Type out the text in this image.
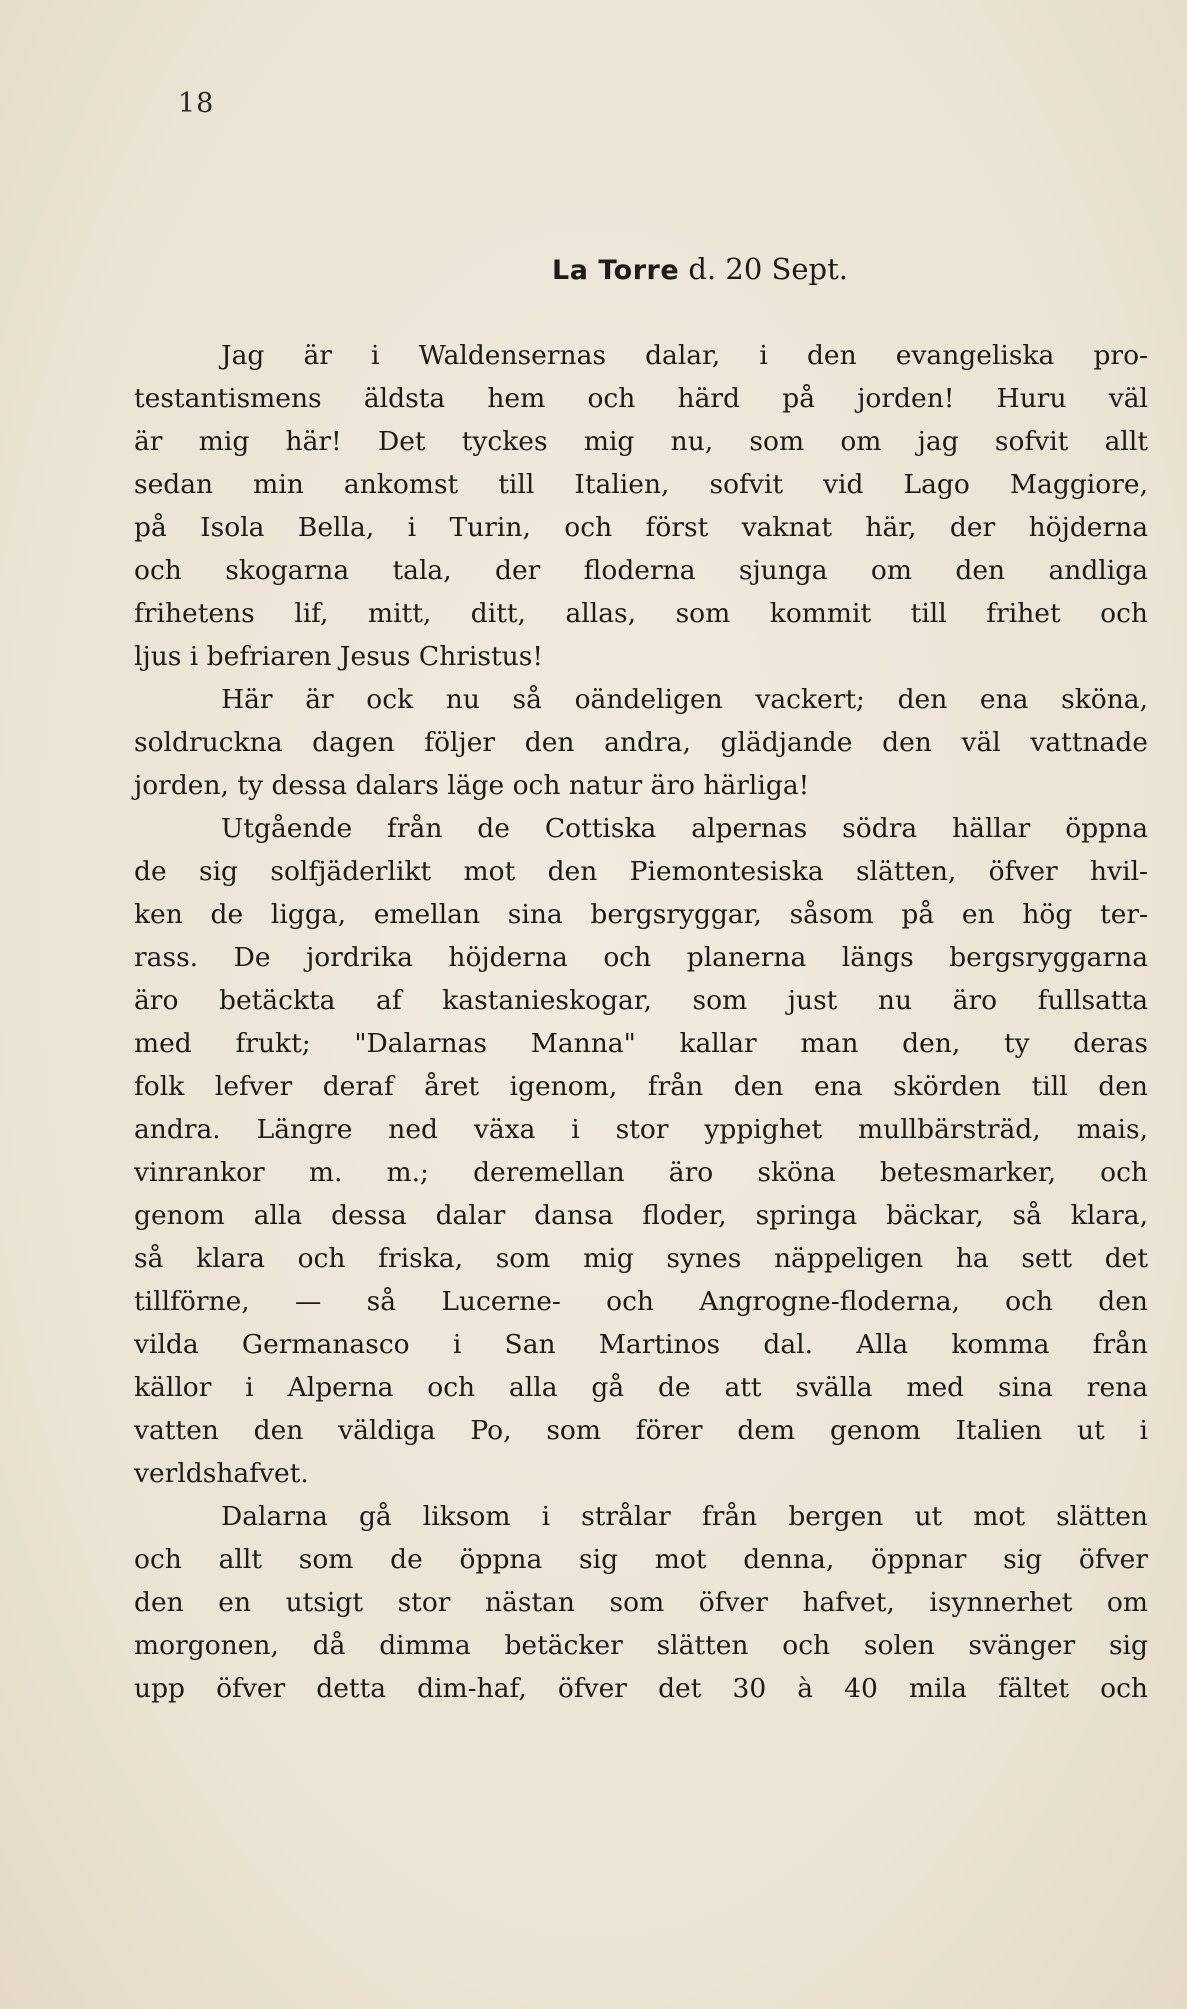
18
La Torre d. 20 Sept.
Jag är i Waldensernas dalar, i den evangeliska pro-
testantismens äldsta hem och härd på jorden! Huru väl
är mig här! Det tyckes mig nu, som om jag sofvit allt
sedan min ankomst till Italien, sofvit vid Lago Maggiore,
på Isola Bella, i Turin, och först vaknat här, der höjderna
och skogarna tala, der floderna sjunga om den andliga
frihetens lif, mitt, ditt, allas, som kommit till frihet och
ljus i befriaren Jesus Christus!
Här är ock nu så oändeligen vackert; den ena sköna,
soldruckna dagen följer den andra, glädjande den väl vattnade
jorden, ty dessa dalars läge och natur äro härliga!
Utgående från de Cottiska alpernas södra hällar öppna
de sig solfjäderlikt mot den Piemontesiska slätten, öfver hvil-
ken de ligga, emellan sina bergsryggar, såsom på en hög ter-
rass. De jordrika höjderna och planerna längs bergsryggarna
äro betäckta af kastanieskogar, som just nu äro fullsatta
med frukt; "Dalarnas Manna" kallar man den, ty deras
folk lefver deraf året igenom, från den ena skörden till den
andra. Längre ned växa i stor yppighet mullbärsträd, mais,
vinrankor m. m.; deremellan äro sköna betesmarker, och
genom alla dessa dalar dansa floder, springa bäckar, så klara,
så klara och friska, som mig synes näppeligen ha sett det
tillförne, — så Lucerne- och Angrogne-floderna, och den
vilda Germanasco i San Martinos dal. Alla komma från
källor i Alperna och alla gå de att svälla med sina rena
vatten den väldiga Po, som förer dem genom Italien ut i
verldshafvet.
Dalarna gå liksom i strålar från bergen ut mot slätten
och allt som de öppna sig mot denna, öppnar sig öfver
den en utsigt stor nästan som öfver hafvet, isynnerhet om
morgonen, då dimma betäcker slätten och solen svänger sig
upp öfver detta dim-haf, öfver det 30 à 40 mila fältet och
